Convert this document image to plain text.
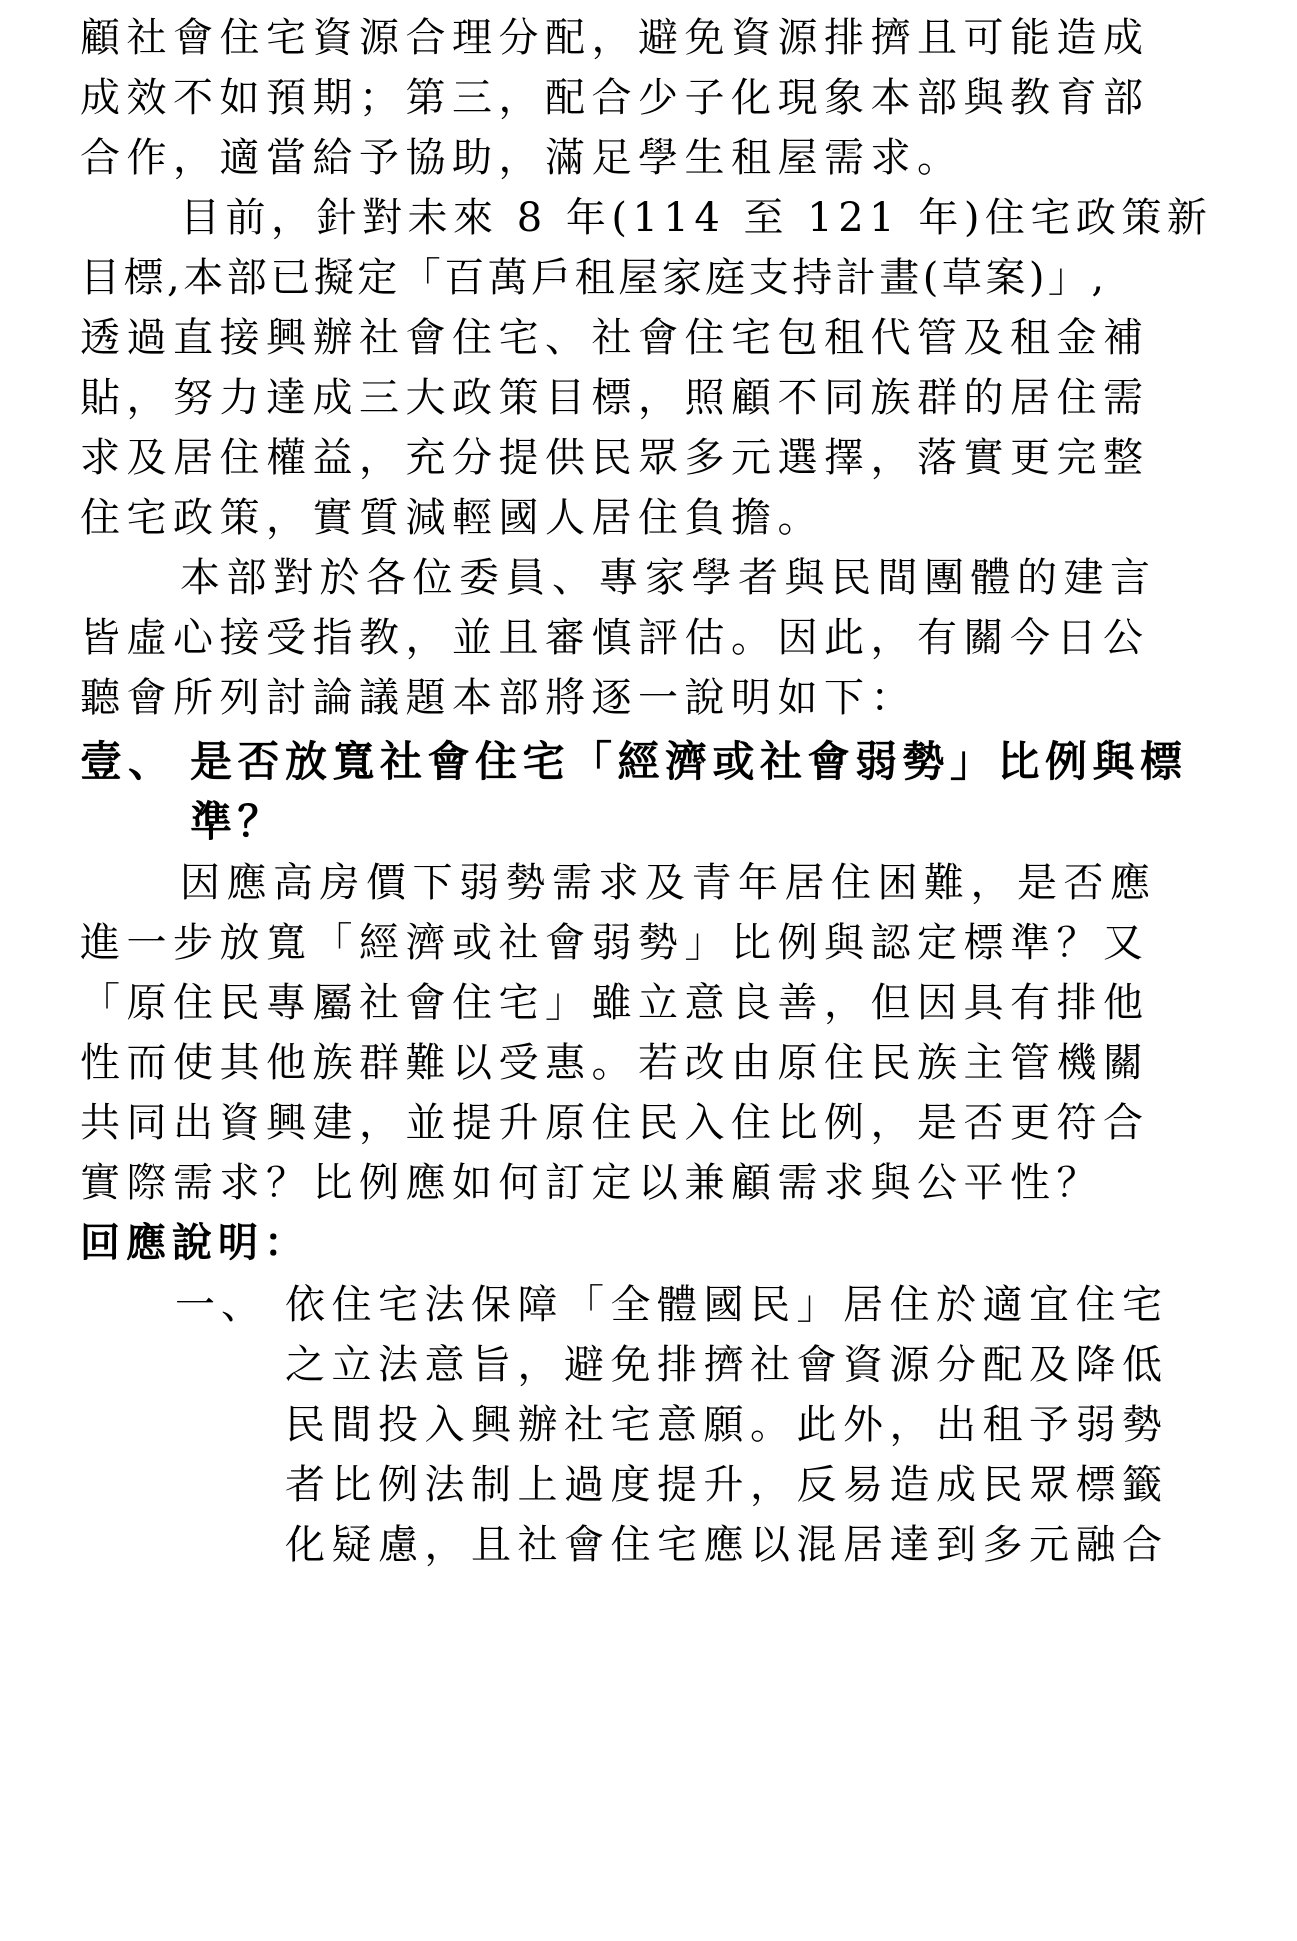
顧社會住宅資源合理分配，避免資源排擠且可能造成
成效不如預期；第三，配合少子化現象本部與教育部
合作，適當給予協助，滿足學生租屋需求。
目前，針對未來 8 年(114 至 121 年)住宅政策新
目標,本部已擬定「百萬戶租屋家庭支持計畫(草案)」,
透過直接興辦社會住宅、社會住宅包租代管及租金補
貼，努力達成三大政策目標，照顧不同族群的居住需
求及居住權益，充分提供民眾多元選擇，落實更完整
住宅政策，實質減輕國人居住負擔。
本部對於各位委員、專家學者與民間團體的建言
皆虛心接受指教，並且審慎評估。因此，有關今日公
聽會所列討論議題本部將逐一說明如下：
壹、 是否放寬社會住宅「經濟或社會弱勢」比例與標
準？
因應高房價下弱勢需求及青年居住困難，是否應
進一步放寬「經濟或社會弱勢」比例與認定標準？又
「原住民專屬社會住宅」雖立意良善，但因具有排他
性而使其他族群難以受惠。若改由原住民族主管機關
共同出資興建，並提升原住民入住比例，是否更符合
實際需求？比例應如何訂定以兼顧需求與公平性？
回應說明：
一、 依住宅法保障「全體國民」居住於適宜住宅
之立法意旨，避免排擠社會資源分配及降低
民間投入興辦社宅意願。此外，出租予弱勢
者比例法制上過度提升，反易造成民眾標籤
化疑慮，且社會住宅應以混居達到多元融合
